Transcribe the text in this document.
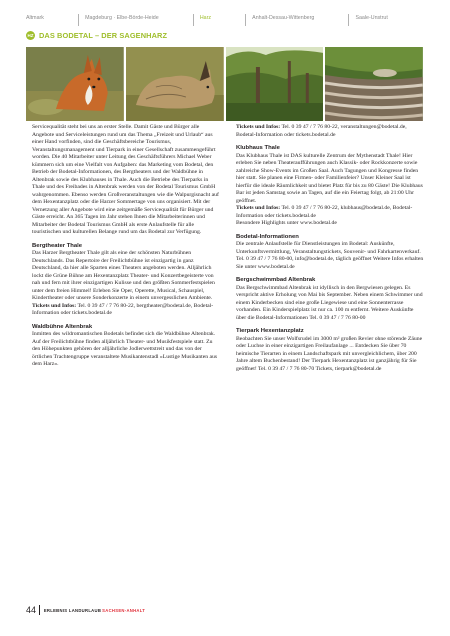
Altmark	Magdeburg · Elbe-Börde-Heide	Harz	Anhalt-Dessau-Wittenberg	Saale-Unstrut
HZ DAS BODETAL – DER SAGENHARZ

Servicequalität steht bei uns an erster Stelle. Damit Gäste und Bürger alle Angebote und Serviceleistungen rund um das Thema „Freizeit und Urlaub“ aus einer Hand vorfinden, sind die Geschäftsbereiche Tourismus, Veranstaltungsmanagement und Tierpark in einer Gesellschaft zusammengeführt worden. Die 40 Mitarbeiter unter Leitung des Geschäftsführers Michael Weber kümmern sich um eine Vielfalt von Aufgaben: das Marketing vom Bodetal, den Betrieb der Bodetal-Informationen, des Bergtheaters und der Waldbühne in Altenbrak sowie des Klubhauses in Thale. Auch die Betriebe des Tierparks in Thale und des Freibades in Altenbrak werden von der Bodetal Tourismus GmbH wahrgenommen. Ebenso werden Großveranstaltungen wie die Walpurgisnacht auf dem Hexentanzplatz oder die Harzer Sommertage von uns organisiert. Mit der Vernetzung aller Angebote wird eine zeitgemäße Servicequalität für Bürger und Gäste erreicht. An 365 Tagen im Jahr stehen Ihnen die Mitarbeiterinnen und Mitarbeiter der Bodetal Tourismus GmbH als erste Anlaufstelle für alle touristischen und kulturellen Belange rund um das Bodetal zur Verfügung.

Bergtheater Thale

Das Harzer Bergtheater Thale gilt als eine der schönsten Naturbühnen Deutschlands. Das Repertoire der Freilichtbühne ist einzigartig in ganz Deutschland, da hier alle Sparten eines Theaters angeboten werden. Alljährlich lockt die Grüne Bühne am Hexentanzplatz Theater- und Konzertbegeisterte von nah und fern mit ihrer einzigartigen Kulisse und den größten Sommerfestspielen unter dem freien Himmel! Erleben Sie Oper, Operette, Musical, Schauspiel, Kindertheater oder unsere Sonderkonzerte in einem unvergesslichen Ambiente.

Tickets und Infos: Tel. 0 39 47 / 7 76 80-22, bergtheater@bodetal.de, Bodetal-Information oder tickets.bodetal.de

Waldbühne Altenbrak

Inmitten des wildromantischen Bodetals befindet sich die Waldbühne Altenbrak. Auf der Freilichtbühne finden alljährlich Theater- und Musikfestspiele statt. Zu den Höhepunkten gehören der alljährliche Jodlerwettstreit und das von der örtlichen Trachtengruppe veranstaltete Musikantenstadl »Lustige Musikanten aus dem Harz«.

Tickets und Infos: Tel. 0 39 47 / 7 76 80-22, veranstaltungen@bodetal.de, Bodetal-Information oder tickets.bodetal.de

Klubhaus Thale

Das Klubhaus Thale ist DAS kulturelle Zentrum der Mythenstadt Thale! Hier erleben Sie neben Theateraufführungen auch Klassik- oder Rockkonzerte sowie zahlreiche Show-Events im Großen Saal. Auch Tagungen und Kongresse finden hier statt. Sie planen eine Firmen- oder Familienfeier? Unser Kleiner Saal ist hierfür die ideale Räumlichkeit und bietet Platz für bis zu 80 Gäste! Die Klubhaus Bar ist jeden Samstag sowie an Tagen, auf die ein Feiertag folgt, ab 21:00 Uhr geöffnet.

Tickets und Infos: Tel. 0 39 47 / 7 76 80-22, klubhaus@bodetal.de, Bodetal-Information oder tickets.bodetal.de

Besondere Highlights unter www.bodetal.de

Bodetal-Informationen

Die zentrale Anlaufstelle für Dienstleistungen im Bodetal: Auskünfte, Unterkunftsvermittlung, Veranstaltungstickets, Souvenir- und Fahrkartenverkauf. Tel. 0 39 47 / 7 76 80-00, info@bodetal.de, täglich geöffnet Weitere Infos erhalten Sie unter www.bodetal.de

Bergschwimmbad Altenbrak

Das Bergschwimmbad Altenbrak ist idyllisch in den Bergwiesen gelegen. Es verspricht aktive Erholung von Mai bis September. Neben einem Schwimmer und einem Kinderbecken sind eine große Liegewiese und eine Sonnenterrasse vorhanden. Ein Kinderspielplatz ist nur ca. 100 m entfernt. Weitere Auskünfte über die Bodetal-Informationen Tel. 0 39 47 / 7 76 80-00

Tierpark Hexentanzplatz

Beobachten Sie unser Wolfsrudel im 3000 m² großen Revier ohne störende Zäune oder Luchse in einer einzigartigen Freilaufanlage ... Entdecken Sie über 70 heimische Tierarten in einem Landschaftspark mit unvergleichlichem, über 200 Jahre altem Buchenbestand! Der Tierpark Hexentanzplatz ist ganzjährig für Sie geöffnet! Tel. 0 39 47 / 7 76 80-70 Tickets, tierpark@bodetal.de

44 ERLEBNIS LANDURLAUB SACHSEN-ANHALT
